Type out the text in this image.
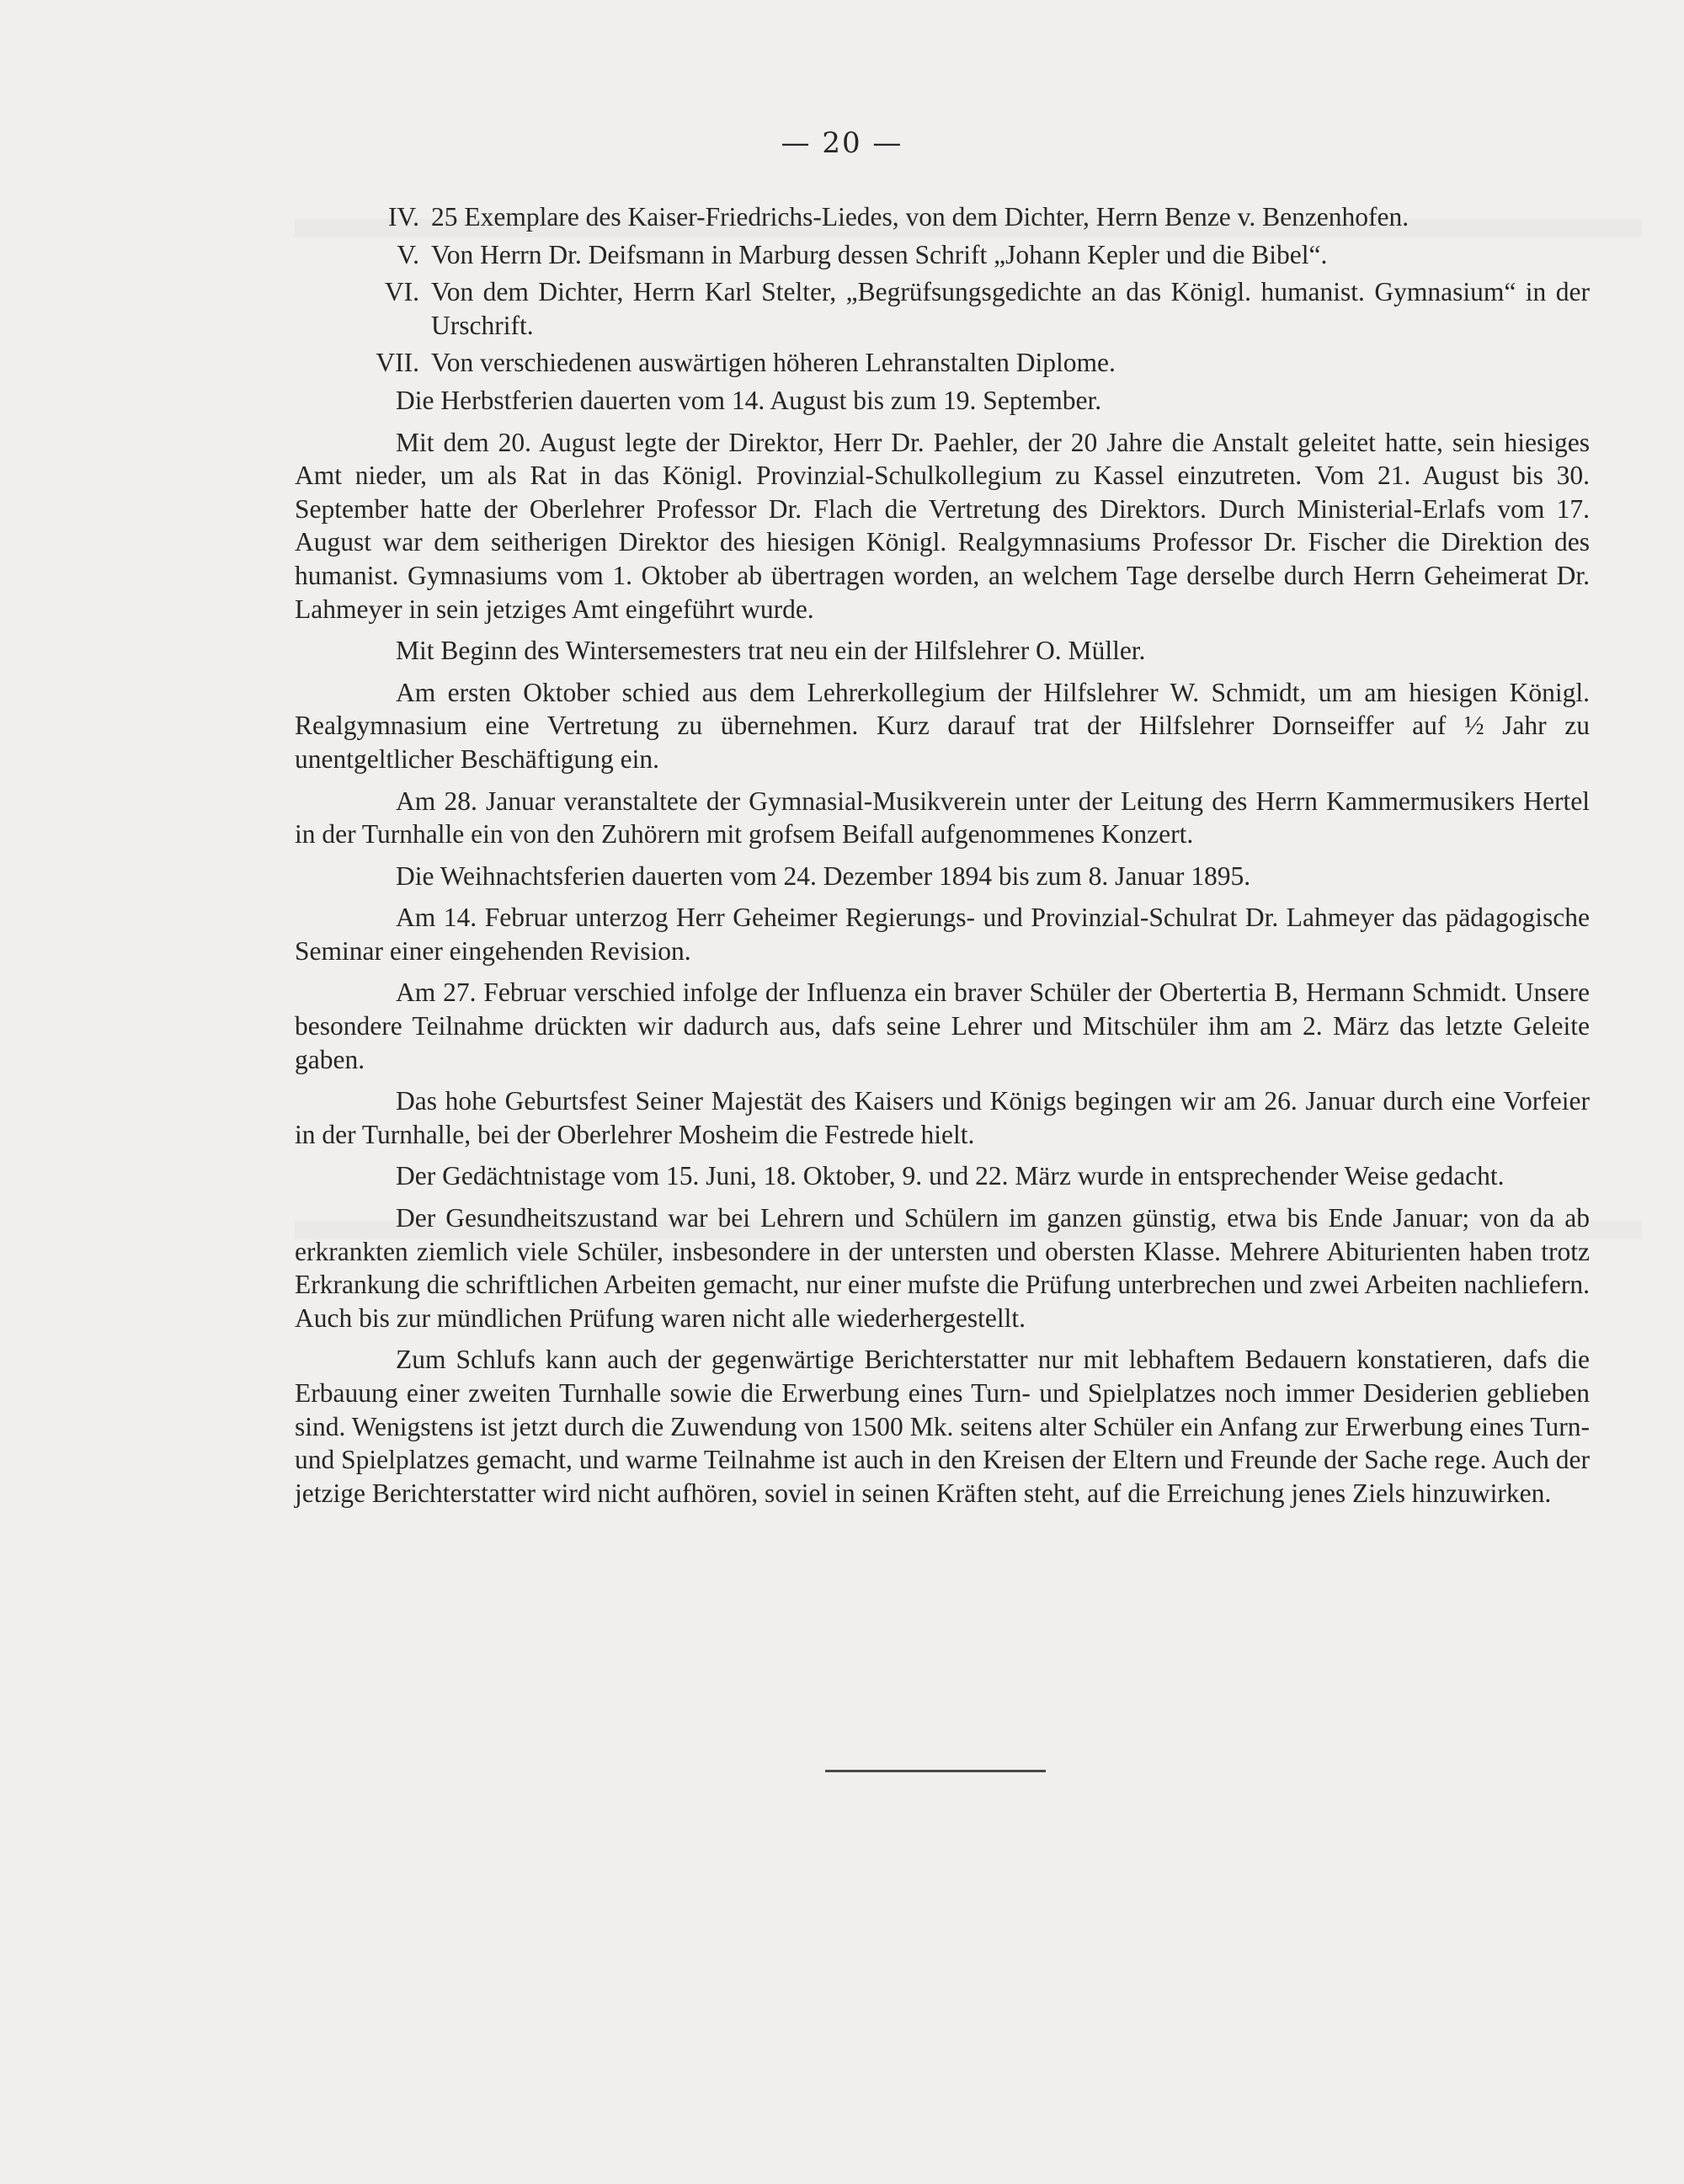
— 20 —
IV. 25 Exemplare des Kaiser-Friedrichs-Liedes, von dem Dichter, Herrn Benze v. Benzenhofen.
V. Von Herrn Dr. Deifsmann in Marburg dessen Schrift „Johann Kepler und die Bibel“.
VI. Von dem Dichter, Herrn Karl Stelter, „Begrüfsungsgedichte an das Königl. humanist. Gymnasium“ in der Urschrift.
VII. Von verschiedenen auswärtigen höheren Lehranstalten Diplome.

Die Herbstferien dauerten vom 14. August bis zum 19. September.

Mit dem 20. August legte der Direktor, Herr Dr. Paehler, der 20 Jahre die Anstalt geleitet hatte, sein hiesiges Amt nieder, um als Rat in das Königl. Provinzial-Schulkollegium zu Kassel einzutreten. Vom 21. August bis 30. September hatte der Oberlehrer Professor Dr. Flach die Vertretung des Direktors. Durch Ministerial-Erlafs vom 17. August war dem seitherigen Direktor des hiesigen Königl. Realgymnasiums Professor Dr. Fischer die Direktion des humanist. Gymnasiums vom 1. Oktober ab übertragen worden, an welchem Tage derselbe durch Herrn Geheimerat Dr. Lahmeyer in sein jetziges Amt eingeführt wurde.

Mit Beginn des Wintersemesters trat neu ein der Hilfslehrer O. Müller.

Am ersten Oktober schied aus dem Lehrerkollegium der Hilfslehrer W. Schmidt, um am hiesigen Königl. Realgymnasium eine Vertretung zu übernehmen. Kurz darauf trat der Hilfslehrer Dornseiffer auf ½ Jahr zu unentgeltlicher Beschäftigung ein.

Am 28. Januar veranstaltete der Gymnasial-Musikverein unter der Leitung des Herrn Kammermusikers Hertel in der Turnhalle ein von den Zuhörern mit grofsem Beifall aufgenommenes Konzert.

Die Weihnachtsferien dauerten vom 24. Dezember 1894 bis zum 8. Januar 1895.

Am 14. Februar unterzog Herr Geheimer Regierungs- und Provinzial-Schulrat Dr. Lahmeyer das pädagogische Seminar einer eingehenden Revision.

Am 27. Februar verschied infolge der Influenza ein braver Schüler der Obertertia B, Hermann Schmidt. Unsere besondere Teilnahme drückten wir dadurch aus, dafs seine Lehrer und Mitschüler ihm am 2. März das letzte Geleite gaben.

Das hohe Geburtsfest Seiner Majestät des Kaisers und Königs begingen wir am 26. Januar durch eine Vorfeier in der Turnhalle, bei der Oberlehrer Mosheim die Festrede hielt.

Der Gedächtnistage vom 15. Juni, 18. Oktober, 9. und 22. März wurde in entsprechender Weise gedacht.

Der Gesundheitszustand war bei Lehrern und Schülern im ganzen günstig, etwa bis Ende Januar; von da ab erkrankten ziemlich viele Schüler, insbesondere in der untersten und obersten Klasse. Mehrere Abiturienten haben trotz Erkrankung die schriftlichen Arbeiten gemacht, nur einer mufste die Prüfung unterbrechen und zwei Arbeiten nachliefern. Auch bis zur mündlichen Prüfung waren nicht alle wiederhergestellt.

Zum Schlufs kann auch der gegenwärtige Berichterstatter nur mit lebhaftem Bedauern konstatieren, dafs die Erbauung einer zweiten Turnhalle sowie die Erwerbung eines Turn- und Spielplatzes noch immer Desiderien geblieben sind. Wenigstens ist jetzt durch die Zuwendung von 1500 Mk. seitens alter Schüler ein Anfang zur Erwerbung eines Turn- und Spielplatzes gemacht, und warme Teilnahme ist auch in den Kreisen der Eltern und Freunde der Sache rege. Auch der jetzige Berichterstatter wird nicht aufhören, soviel in seinen Kräften steht, auf die Erreichung jenes Ziels hinzuwirken.
